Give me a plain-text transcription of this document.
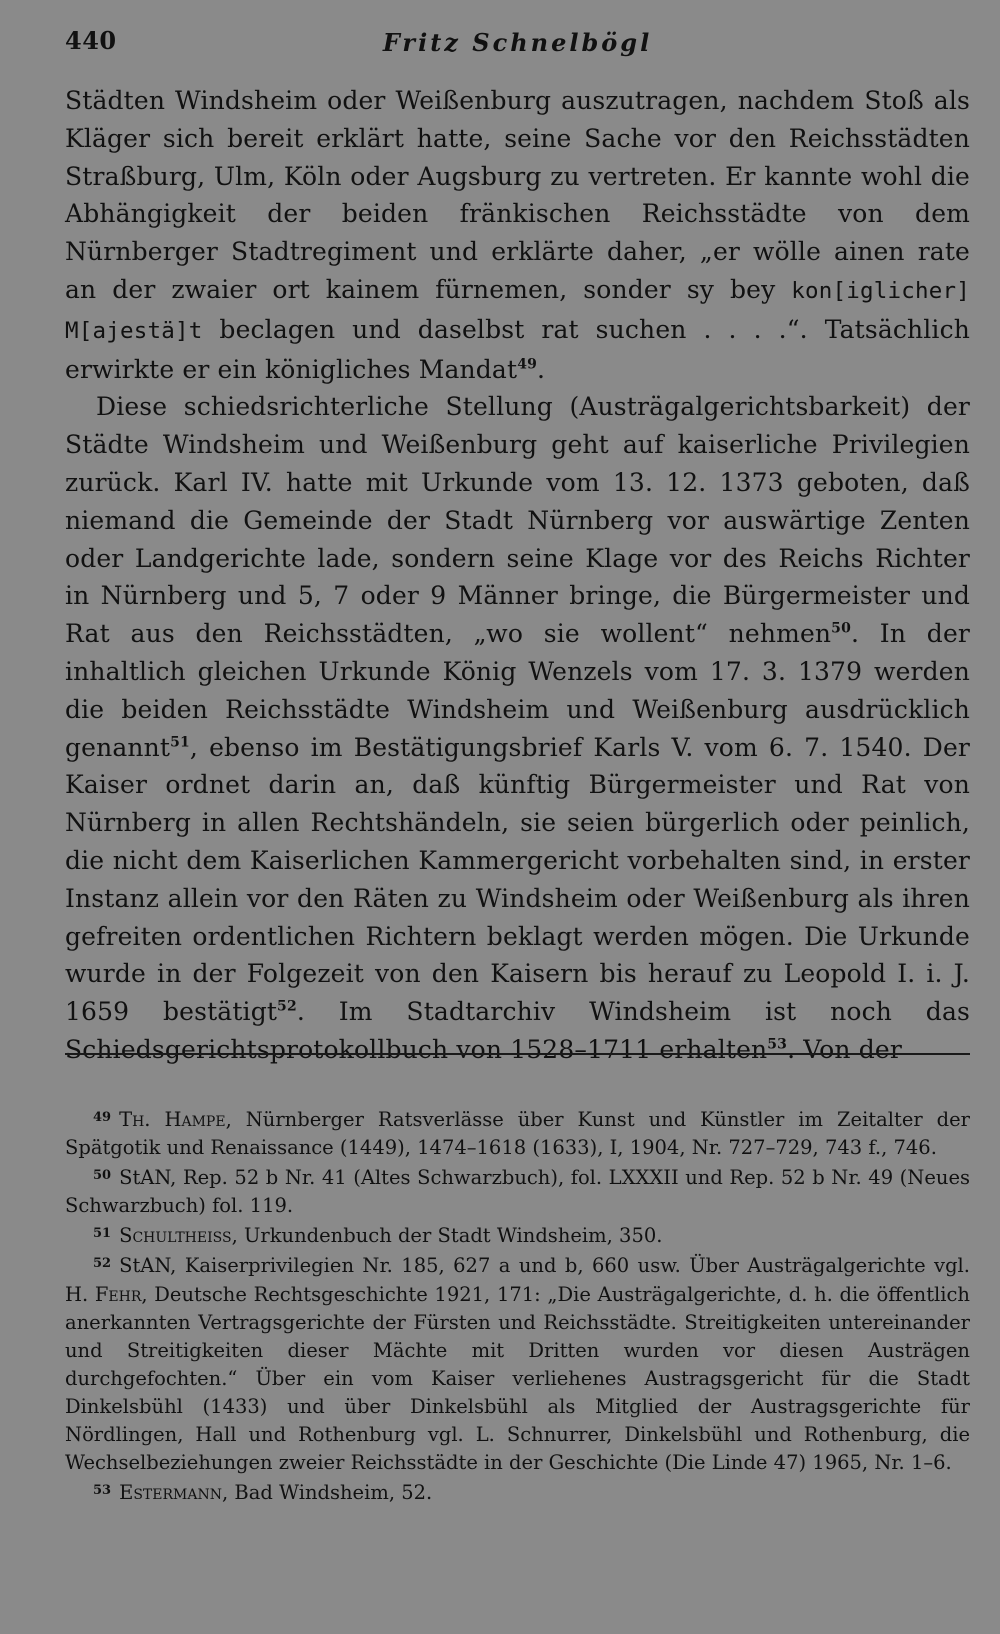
440	Fritz Schnelbögl

Städten Windsheim oder Weißenburg auszutragen, nachdem Stoß als Kläger sich bereit erklärt hatte, seine Sache vor den Reichsstädten Straßburg, Ulm, Köln oder Augsburg zu vertreten. Er kannte wohl die Abhängigkeit der beiden fränkischen Reichsstädte von dem Nürnberger Stadtregiment und erklärte daher, „er wölle ainen rate an der zwaier ort kainem fürnemen, sonder sy bey kon[iglicher] M[ajestä]t beclagen und daselbst rat suchen . . . .“. Tatsächlich erwirkte er ein königliches Mandat$^{49}$.

Diese schiedsrichterliche Stellung (Austrägalgerichtsbarkeit) der Städte Windsheim und Weißenburg geht auf kaiserliche Privilegien zurück. Karl IV. hatte mit Urkunde vom 13. 12. 1373 geboten, daß niemand die Gemeinde der Stadt Nürnberg vor auswärtige Zenten oder Landgerichte lade, sondern seine Klage vor des Reichs Richter in Nürnberg und 5, 7 oder 9 Männer bringe, die Bürgermeister und Rat aus den Reichsstädten, „wo sie wollent“ nehmen$^{50}$. In der inhaltlich gleichen Urkunde König Wenzels vom 17. 3. 1379 werden die beiden Reichsstädte Windsheim und Weißenburg ausdrücklich genannt$^{51}$, ebenso im Bestätigungsbrief Karls V. vom 6. 7. 1540. Der Kaiser ordnet darin an, daß künftig Bürgermeister und Rat von Nürnberg in allen Rechtshändeln, sie seien bürgerlich oder peinlich, die nicht dem Kaiserlichen Kammergericht vorbehalten sind, in erster Instanz allein vor den Räten zu Windsheim oder Weißenburg als ihren gefreiten ordentlichen Richtern beklagt werden mögen. Die Urkunde wurde in der Folgezeit von den Kaisern bis herauf zu Leopold I. i. J. 1659 bestätigt$^{52}$. Im Stadtarchiv Windsheim ist noch das Schiedsgerichtsprotokollbuch von 1528–1711 erhalten$^{53}$. Von der

49 Th. Hampe, Nürnberger Ratsverlässe über Kunst und Künstler im Zeitalter der Spätgotik und Renaissance (1449), 1474–1618 (1633), I, 1904, Nr. 727–729, 743 f., 746.

50 StAN, Rep. 52 b Nr. 41 (Altes Schwarzbuch), fol. LXXXII und Rep. 52 b Nr. 49 (Neues Schwarzbuch) fol. 119.

51 Schultheiss, Urkundenbuch der Stadt Windsheim, 350.

52 StAN, Kaiserprivilegien Nr. 185, 627 a und b, 660 usw. Über Austrägalgerichte vgl. H. Fehr, Deutsche Rechtsgeschichte 1921, 171: „Die Austrägalgerichte, d. h. die öffentlich anerkannten Vertragsgerichte der Fürsten und Reichsstädte. Streitigkeiten untereinander und Streitigkeiten dieser Mächte mit Dritten wurden vor diesen Austrägen durchgefochten.“ Über ein vom Kaiser verliehenes Austragsgericht für die Stadt Dinkelsbühl (1433) und über Dinkelsbühl als Mitglied der Austragsgerichte für Nördlingen, Hall und Rothenburg vgl. L. Schnurrer, Dinkelsbühl und Rothenburg, die Wechselbeziehungen zweier Reichsstädte in der Geschichte (Die Linde 47) 1965, Nr. 1–6.

53 Estermann, Bad Windsheim, 52.
